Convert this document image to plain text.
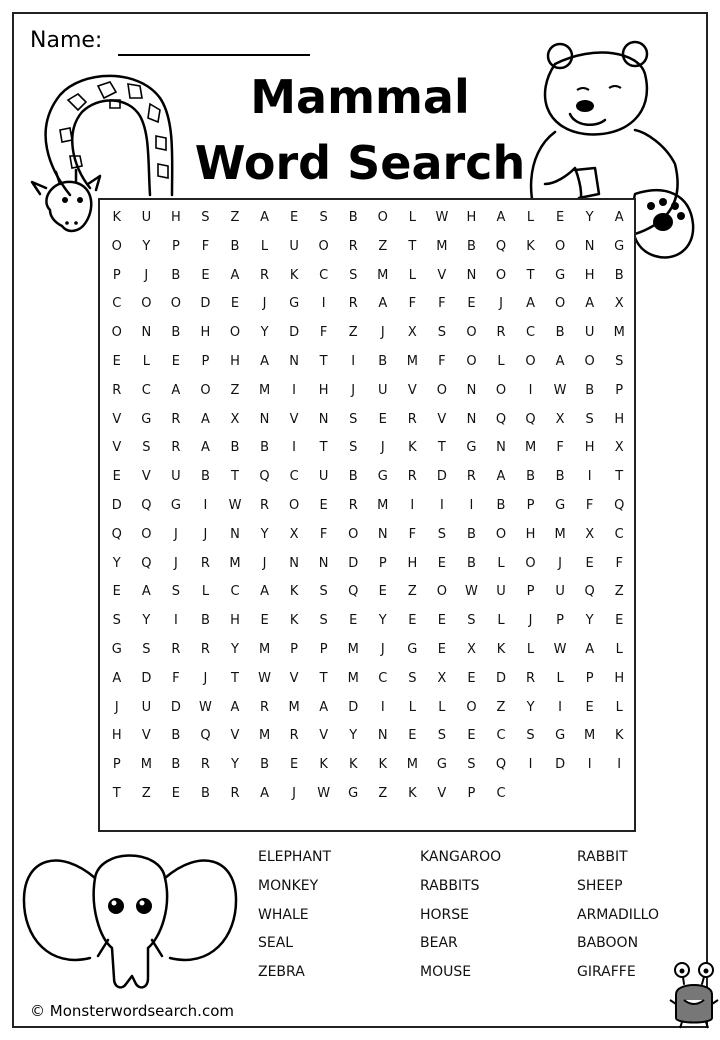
Name:
Mammal
Word Search
K	U	H	S	Z	A	E	S	B	O	L	W	H	A	L	E	Y	A
O	Y	P	F	B	L	U	O	R	Z	T	M	B	Q	K	O	N	G
P	J	B	E	A	R	K	C	S	M	L	V	N	O	T	G	H	B
C	O	O	D	E	J	G	I	R	A	F	F	E	J	A	O	A	X
O	N	B	H	O	Y	D	F	Z	J	X	S	O	R	C	B	U	M
E	L	E	P	H	A	N	T	I	B	M	F	O	L	O	A	O	S
R	C	A	O	Z	M	I	H	J	U	V	O	N	O	I	W	B	P
V	G	R	A	X	N	V	N	S	E	R	V	N	Q	Q	X	S	H
V	S	R	A	B	B	I	T	S	J	K	T	G	N	M	F	H	X
E	V	U	B	T	Q	C	U	B	G	R	D	R	A	B	B	I	T
D	Q	G	I	W	R	O	E	R	M	I	I	I	B	P	G	F	Q
Q	O	J	J	N	Y	X	F	O	N	F	S	B	O	H	M	X	C
Y	Q	J	R	M	J	N	N	D	P	H	E	B	L	O	J	E	F
E	A	S	L	C	A	K	S	Q	E	Z	O	W	U	P	U	Q	Z
S	Y	I	B	H	E	K	S	E	Y	E	E	S	L	J	P	Y	E
G	S	R	R	Y	M	P	P	M	J	G	E	X	K	L	W	A	L
A	D	F	J	T	W	V	T	M	C	S	X	E	D	R	L	P	H
J	U	D	W	A	R	M	A	D	I	L	L	O	Z	Y	I	E	L
H	V	B	Q	V	M	R	V	Y	N	E	S	E	C	S	G	M	K
P	M	B	R	Y	B	E	K	K	K	M	G	S	Q	I	D	I	I
T	Z	E	B	R	A	J	W	G	Z	K	V	P	C
ELEPHANT
MONKEY
WHALE
SEAL
ZEBRA
KANGAROO
RABBITS
HORSE
BEAR
MOUSE
RABBIT
SHEEP
ARMADILLO
BABOON
GIRAFFE
© Monsterwordsearch.com
